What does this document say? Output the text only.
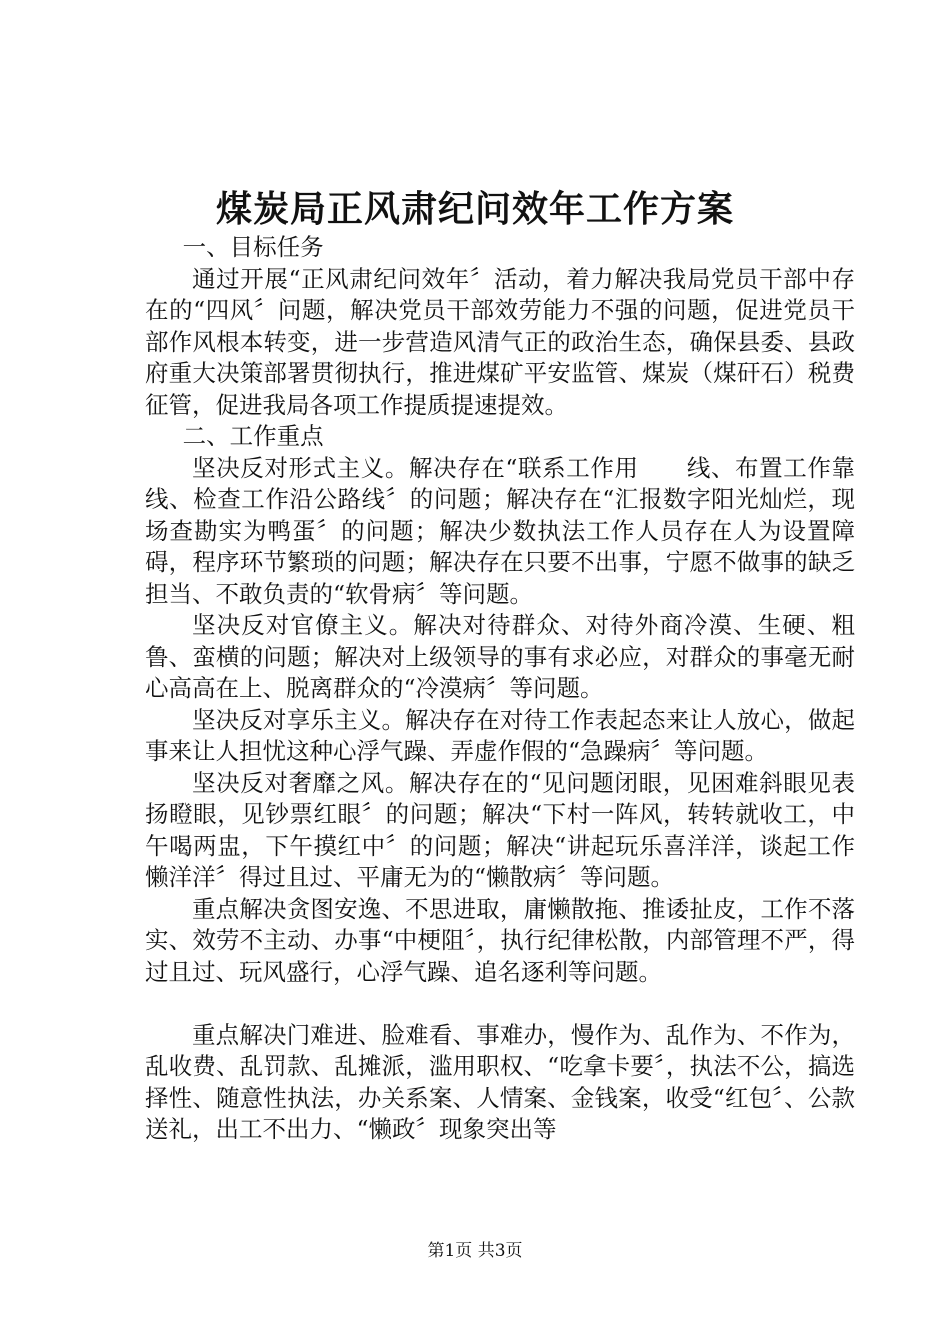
煤炭局正风肃纪问效年工作方案

一、目标任务

通过开展“正风肃纪问效年〞活动，着力解决我局党员干部中存在的“四风〞问题，解决党员干部效劳能力不强的问题，促进党员干部作风根本转变，进一步营造风清气正的政治生态，确保县委、县政府重大决策部署贯彻执行，推进煤矿平安监管、煤炭（煤矸石）税费征管，促进我局各项工作提质提速提效。

二、工作重点

坚决反对形式主义。解决存在“联系工作用　　线、布置工作靠　　线、检查工作沿公路线〞的问题；解决存在“汇报数字阳光灿烂，现场查勘实为鸭蛋〞的问题；解决少数执法工作人员存在人为设置障碍，程序环节繁琐的问题；解决存在只要不出事，宁愿不做事的缺乏担当、不敢负责的“软骨病〞等问题。

坚决反对官僚主义。解决对待群众、对待外商冷漠、生硬、粗鲁、蛮横的问题；解决对上级领导的事有求必应，对群众的事毫无耐心高高在上、脱离群众的“冷漠病〞等问题。

坚决反对享乐主义。解决存在对待工作表起态来让人放心，做起事来让人担忧这种心浮气躁、弄虚作假的“急躁病〞等问题。

坚决反对奢靡之风。解决存在的“见问题闭眼，见困难斜眼见表扬瞪眼，见钞票红眼〞的问题；解决“下村一阵风，转转就收工，中午喝两盅，下午摸红中〞的问题；解决“讲起玩乐喜洋洋，谈起工作懒洋洋〞得过且过、平庸无为的“懒散病〞等问题。

重点解决贪图安逸、不思进取，庸懒散拖、推诿扯皮，工作不落实、效劳不主动、办事“中梗阻〞，执行纪律松散，内部管理不严，得过且过、玩风盛行，心浮气躁、追名逐利等问题。

重点解决门难进、脸难看、事难办，慢作为、乱作为、不作为，乱收费、乱罚款、乱摊派，滥用职权、“吃拿卡要〞，执法不公，搞选择性、随意性执法，办关系案、人情案、金钱案，收受“红包〞、公款送礼，出工不出力、“懒政〞现象突出等

第1页 共3页
